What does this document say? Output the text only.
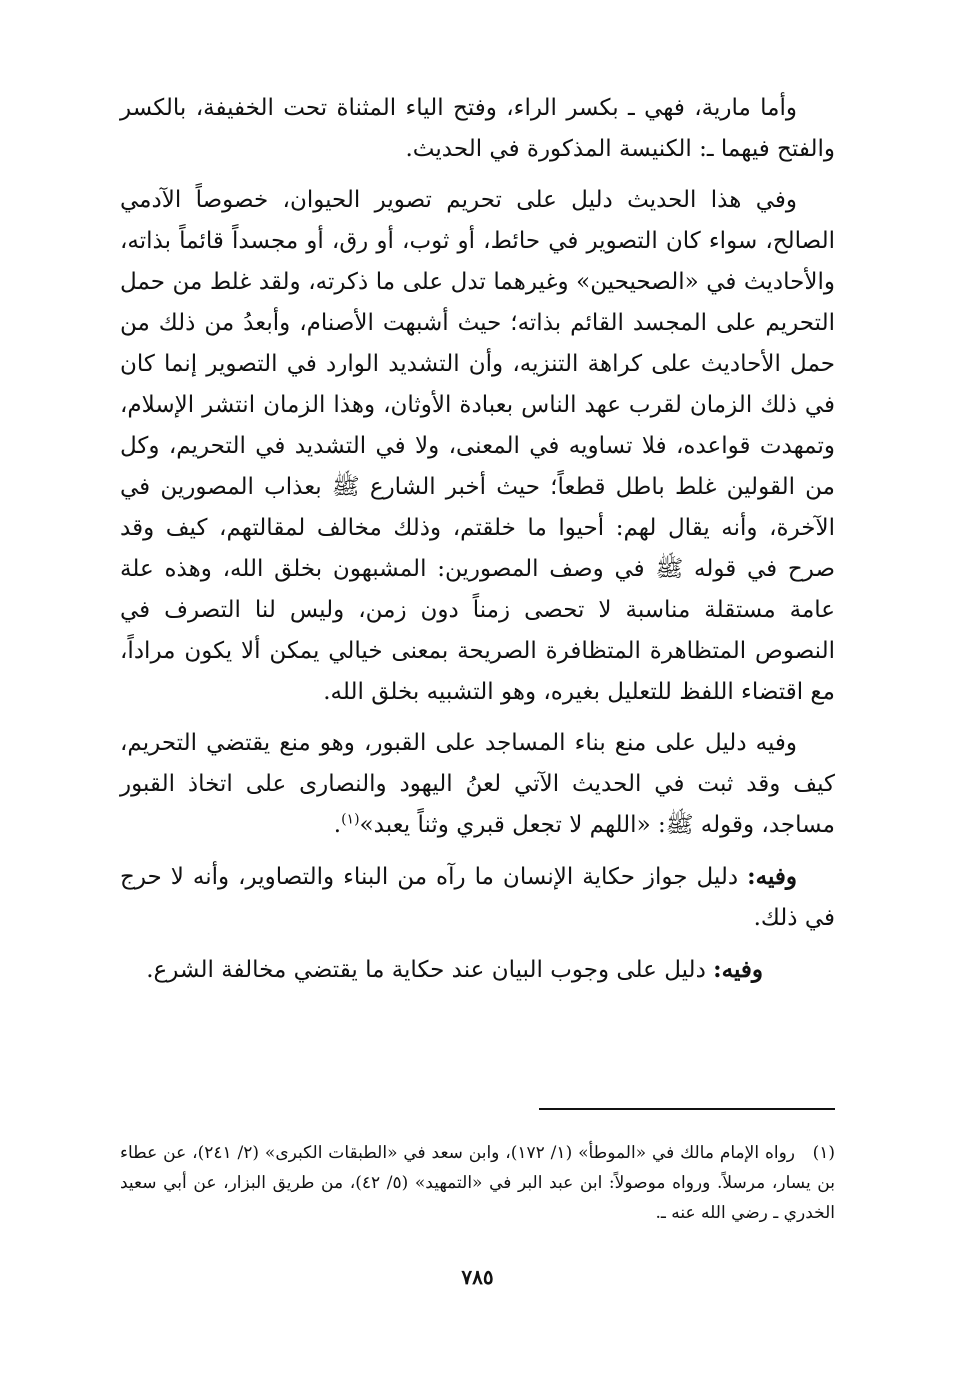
وأما مارية، فهي ـ بكسر الراء، وفتح الياء المثناة تحت الخفيفة، بالكسر والفتح فيهما ـ: الكنيسة المذكورة في الحديث.

وفي هذا الحديث دليل على تحريم تصوير الحيوان، خصوصاً الآدمي الصالح، سواء كان التصوير في حائط، أو ثوب، أو رق، أو مجسداً قائماً بذاته، والأحاديث في «الصحيحين» وغيرهما تدل على ما ذكرته، ولقد غلط من حمل التحريم على المجسد القائم بذاته؛ حيث أشبهت الأصنام، وأبعدُ من ذلك من حمل الأحاديث على كراهة التنزيه، وأن التشديد الوارد في التصوير إنما كان في ذلك الزمان لقرب عهد الناس بعبادة الأوثان، وهذا الزمان انتشر الإسلام، وتمهدت قواعده، فلا تساويه في المعنى، ولا في التشديد في التحريم، وكل من القولين غلط باطل قطعاً؛ حيث أخبر الشارع ﷺ بعذاب المصورين في الآخرة، وأنه يقال لهم: أحيوا ما خلقتم، وذلك مخالف لمقالتهم، كيف وقد صرح في قوله ﷺ في وصف المصورين: المشبهون بخلق الله، وهذه علة عامة مستقلة مناسبة لا تحصى زمناً دون زمن، وليس لنا التصرف في النصوص المتظاهرة المتظافرة الصريحة بمعنى خيالي يمكن ألا يكون مراداً، مع اقتضاء اللفظ للتعليل بغيره، وهو التشبيه بخلق الله.

وفيه دليل على منع بناء المساجد على القبور، وهو منع يقتضي التحريم، كيف وقد ثبت في الحديث الآتي لعنُ اليهود والنصارى على اتخاذ القبور مساجد، وقوله ﷺ: «اللهم لا تجعل قبري وثناً يعبد»$^{(١)}$.

وفيه: دليل جواز حكاية الإنسان ما رآه من البناء والتصاوير، وأنه لا حرج في ذلك.

وفيه: دليل على وجوب البيان عند حكاية ما يقتضي مخالفة الشرع.

(١)رواه الإمام مالك في «الموطأ» (١/ ١٧٢)، وابن سعد في «الطبقات الكبرى» (٢/ ٢٤١)، عن عطاء بن يسار، مرسلاً. ورواه موصولاً: ابن عبد البر في «التمهيد» (٥/ ٤٢)، من طريق البزار، عن أبي سعيد الخدري ـ رضي الله عنه ـ.
٧٨٥
